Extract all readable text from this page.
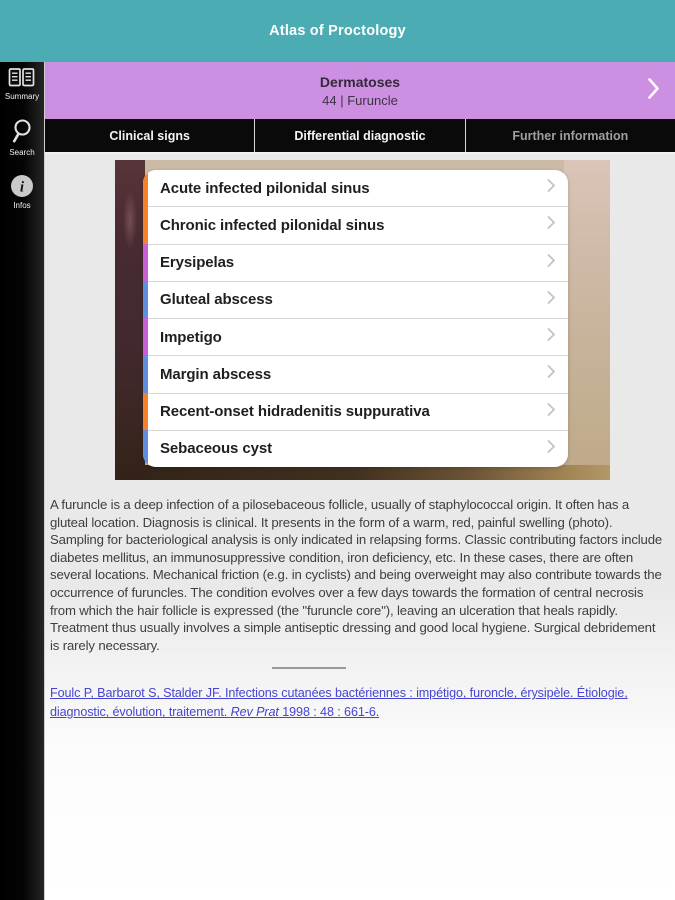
Atlas of Proctology
Summary
Search
i
Infos
Dermatoses
44 | Furuncle
Clinical signs	Differential diagnostic	Further information
Acute infected pilonidal sinus
Chronic infected pilonidal sinus
Erysipelas
Gluteal abscess
Impetigo
Margin abscess
Recent-onset hidradenitis suppurativa
Sebaceous cyst

A furuncle is a deep infection of a pilosebaceous follicle, usually of staphylococcal origin. It often has a gluteal location. Diagnosis is clinical. It presents in the form of a warm, red, painful swelling (photo). Sampling for bacteriological analysis is only indicated in relapsing forms. Classic contributing factors include diabetes mellitus, an immunosuppressive condition, iron deficiency, etc. In these cases, there are often several locations. Mechanical friction (e.g. in cyclists) and being overweight may also contribute towards the occurrence of furuncles. The condition evolves over a few days towards the formation of central necrosis from which the hair follicle is expressed (the "furuncle core"), leaving an ulceration that heals rapidly. Treatment thus usually involves a simple antiseptic dressing and good local hygiene. Surgical debridement is rarely necessary.

Foulc P, Barbarot S, Stalder JF. Infections cutanées bactériennes : impétigo, furoncle, érysipèle. Étiologie, diagnostic, évolution, traitement. Rev Prat 1998 : 48 : 661-6.
